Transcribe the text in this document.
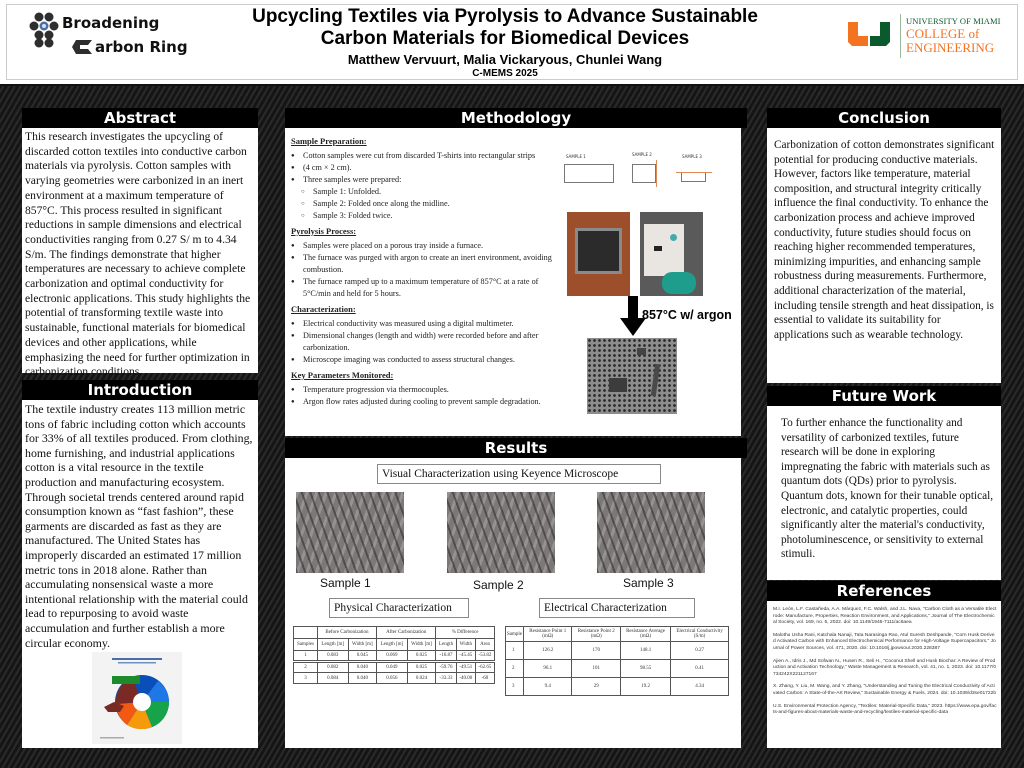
Broadening
arbon Ring
Upcycling Textiles via Pyrolysis to Advance Sustainable
Carbon Materials for Biomedical Devices
Matthew Vervuurt, Malia Vickaryous, Chunlei Wang
C-MEMS 2025
UNIVERSITY OF MIAMI
COLLEGE of
ENGINEERING
Abstract

This research investigates the upcycling of discarded cotton textiles into conductive carbon materials via pyrolysis. Cotton samples with varying geometries were carbonized in an inert environment at a maximum temperature of 857°C. This process resulted in significant reductions in sample dimensions and electrical conductivities ranging from 0.27 S/ m to 4.34 S/m. The findings demonstrate that higher temperatures are necessary to achieve complete carbonization and optimal conductivity for electronic applications. This study highlights the potential of transforming textile waste into sustainable, functional materials for biomedical devices and other applications, while emphasizing the need for further optimization in carbonization conditions.

Introduction

The textile industry creates 113 million metric tons of fabric including cotton which accounts for 33% of all textiles produced. From clothing, home furnishing, and industrial applications cotton is a vital resource in the textile production and manufacturing ecosystem. Through societal trends centered around rapid consumption known as “fast fashion”, these garments are discarded as fast as they are manufactured. The United States has improperly discarded an estimated 17 million metric tons in 2018 alone. Rather than accumulating nonsensical waste a more intentional relationship with the material could lead to repurposing to avoid waste accumulation and further establish a more circular economy.

Methodology
Sample Preparation:
● Cotton samples were cut from discarded T-shirts into rectangular strips
● (4 cm × 2 cm).
● Three samples were prepared:
○ Sample 1: Unfolded.
○ Sample 2: Folded once along the midline.
○ Sample 3: Folded twice.
Pyrolysis Process:
● Samples were placed on a porous tray inside a furnace.
● The furnace was purged with argon to create an inert environment, avoiding combustion.
● The furnace ramped up to a maximum temperature of 857°C at a rate of 5°C/min and held for 5 hours.
Characterization:
● Electrical conductivity was measured using a digital multimeter.
● Dimensional changes (length and width) were recorded before and after carbonization.
● Microscope imaging was conducted to assess structural changes.
Key Parameters Monitored:
● Temperature progression via thermocouples.
● Argon flow rates adjusted during cooling to prevent sample degradation.
SAMPLE 1	SAMPLE 2	SAMPLE 3
857°C w/ argon
Results
Visual Characterization using Keyence Microscope
Sample 1	Sample 2	Sample 3
Physical Characterization	Electrical Characterization
	Before Carbonization		After Carbonization		% Difference		
Samples	Length [m]	Width [m]	Length [m]	Width [m]	Length	Width	Area
1	0.083	0.045	0.069	0.025	-16.87	-45.45	-53.82
2	0.082	0.040	0.049	0.025	-59.76	-49.51	-62.65
3	0.084	0.040	0.056	0.024	-33.33	-40.00	-60
Sample	Resistance Point 1 (mΩ)	Resistance Point 2 (mΩ)	Resistance Average (mΩ)	Electrical Conductivity (S/m)
1	126.2	170	148.1	0.27
2	96.1	101	98.55	0.41
3	9.4	29	19.2	4.34
Conclusion

Carbonization of cotton demonstrates significant potential for producing conductive materials. However, factors like temperature, material composition, and structural integrity critically influence the final conductivity. To enhance the carbonization process and achieve improved conductivity, future studies should focus on reaching higher recommended temperatures, minimizing impurities, and enhancing sample robustness during measurements. Furthermore, additional characterization of the material, including tensile strength and heat dissipation, is essential to validate its suitability for applications such as wearable technology.

Future Work

To further enhance the functionality and versatility of carbonized textiles, future research will be done in exploring impregnating the fabric with materials such as quantum dots (QDs) prior to pyrolysis. Quantum dots, known for their tunable optical, electronic, and catalytic properties, could significantly alter the material's conductivity, photoluminescence, or sensitivity to external stimuli.

References

M.I. León, L.F. Castañeda, A.A. Márquez, F.C. Walsh, and J.L. Nava, "Carbon Cloth as a Versatile Electrode: Manufacture, Properties, Reaction Environment, and Applications," Journal of The Electrochemical Society, vol. 169, no. 5, 2022. doi: 10.1149/1945-7111/ac6aea

Malothu Usha Rani, Katchala Nanaji, Tata Narasinga Rao, Atul Suresh Deshpande, "Corn Husk Derived Activated Carbon with Enhanced Electrochemical Performance for High-Voltage Supercapacitors," Journal of Power Sources, vol. 471, 2020. doi: 10.1016/j.jpowsour.2020.228387

Ajien A., Idris J., Md Sofwan N., Husen R., Seli H., "Coconut Shell and Husk Biochar: A Review of Production and Activation Technology," Waste Management & Research, vol. 41, no. 1, 2023. doi: 10.1177/0734242X221127167

X. Zhang, Y. Liu, M. Wang, and Y. Zhang, "Understanding and Tuning the Electrical Conductivity of Activated Carbon: A State-of-the-Art Review," Sustainable Energy & Fuels, 2024. doi: 10.1039/d3se01722b

U.S. Environmental Protection Agency, "Textiles: Material-Specific Data," 2023. https://www.epa.gov/facts-and-figures-about-materials-waste-and-recycling/textiles-material-specific-data
